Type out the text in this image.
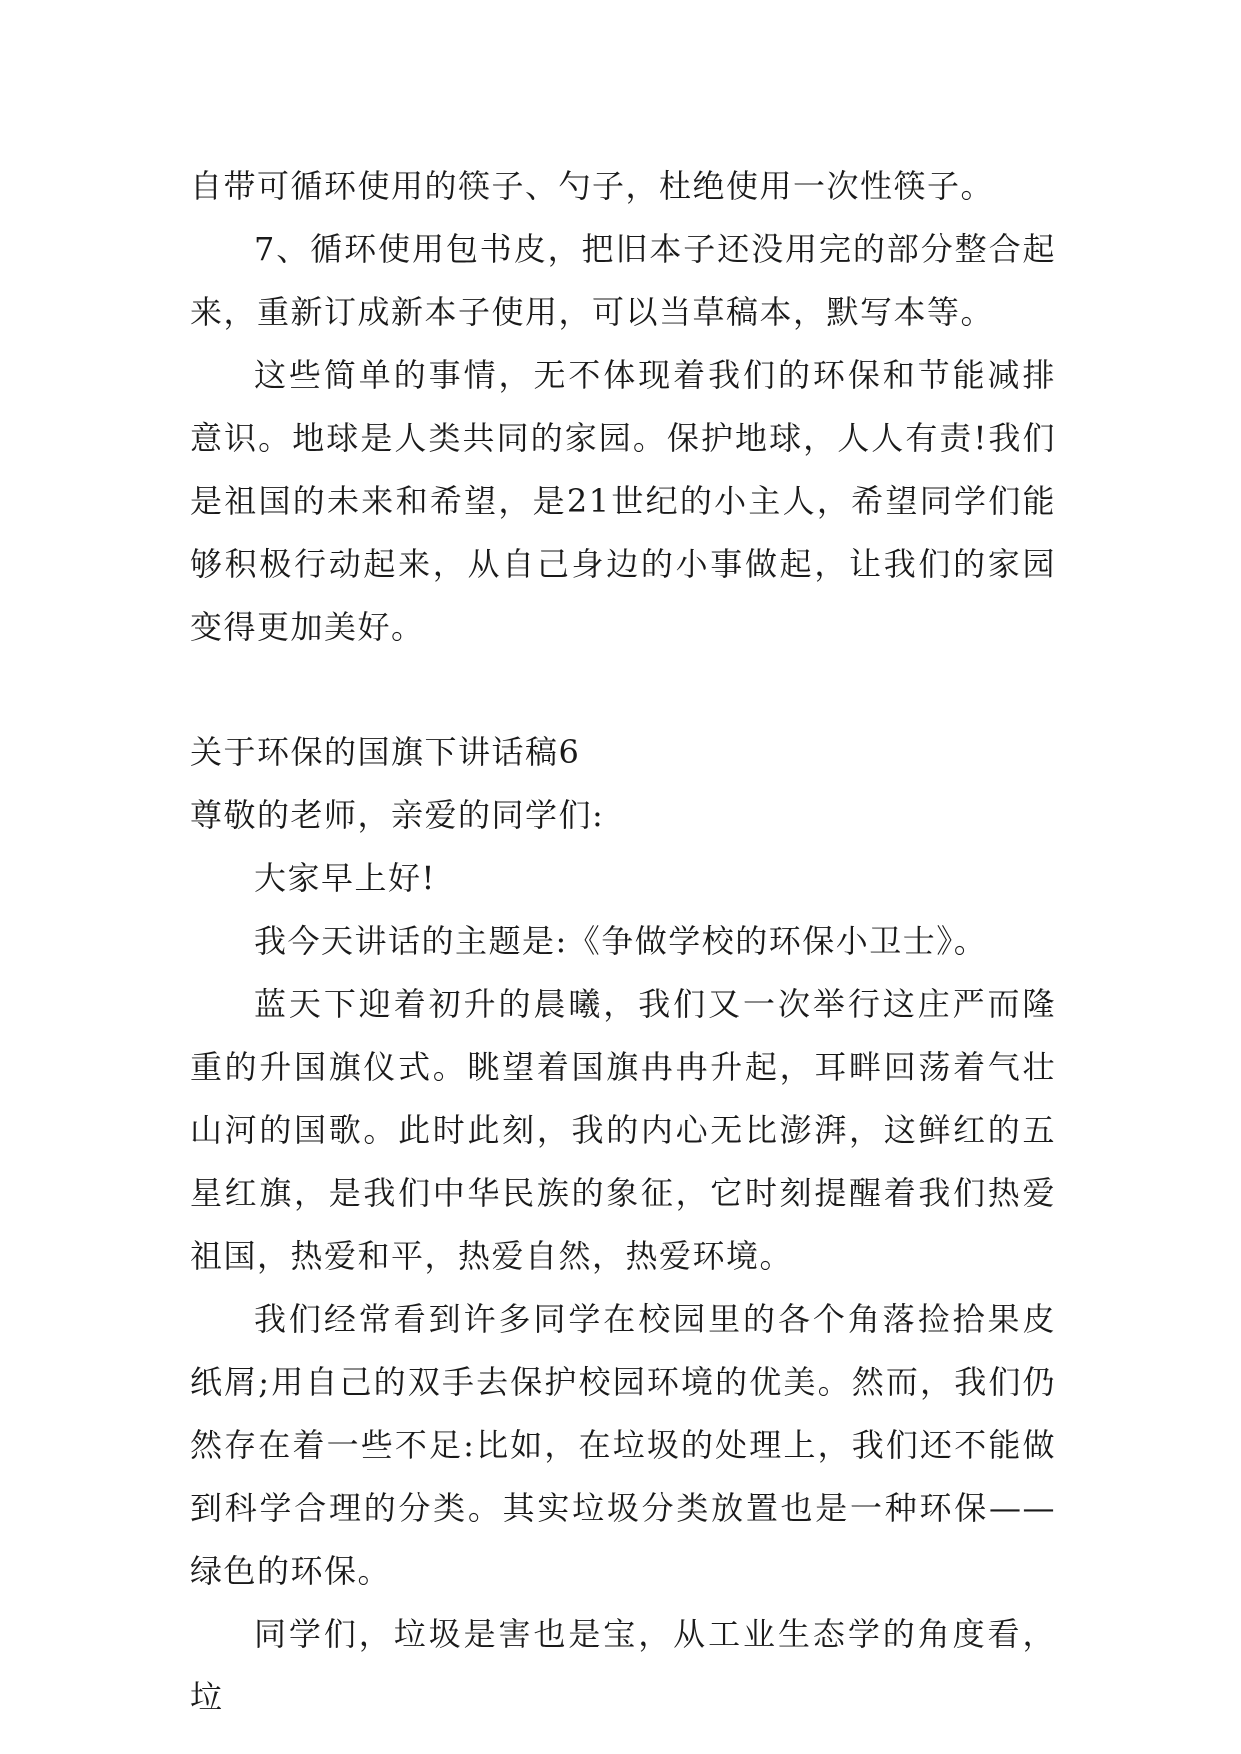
自带可循环使用的筷子、勺子，杜绝使用一次性筷子。

7、循环使用包书皮，把旧本子还没用完的部分整合起来，重新订成新本子使用，可以当草稿本，默写本等。

这些简单的事情，无不体现着我们的环保和节能减排意识。地球是人类共同的家园。保护地球，人人有责!我们是祖国的未来和希望，是21世纪的小主人，希望同学们能够积极行动起来，从自己身边的小事做起，让我们的家园变得更加美好。

关于环保的国旗下讲话稿6

尊敬的老师，亲爱的同学们:

大家早上好!

我今天讲话的主题是:《争做学校的环保小卫士》。

蓝天下迎着初升的晨曦，我们又一次举行这庄严而隆重的升国旗仪式。眺望着国旗冉冉升起，耳畔回荡着气壮山河的国歌。此时此刻，我的内心无比澎湃，这鲜红的五星红旗，是我们中华民族的象征，它时刻提醒着我们热爱祖国，热爱和平，热爱自然，热爱环境。

我们经常看到许多同学在校园里的各个角落捡拾果皮纸屑;用自己的双手去保护校园环境的优美。然而，我们仍然存在着一些不足:比如，在垃圾的处理上，我们还不能做到科学合理的分类。其实垃圾分类放置也是一种环保——绿色的环保。

同学们，垃圾是害也是宝，从工业生态学的角度看，垃
